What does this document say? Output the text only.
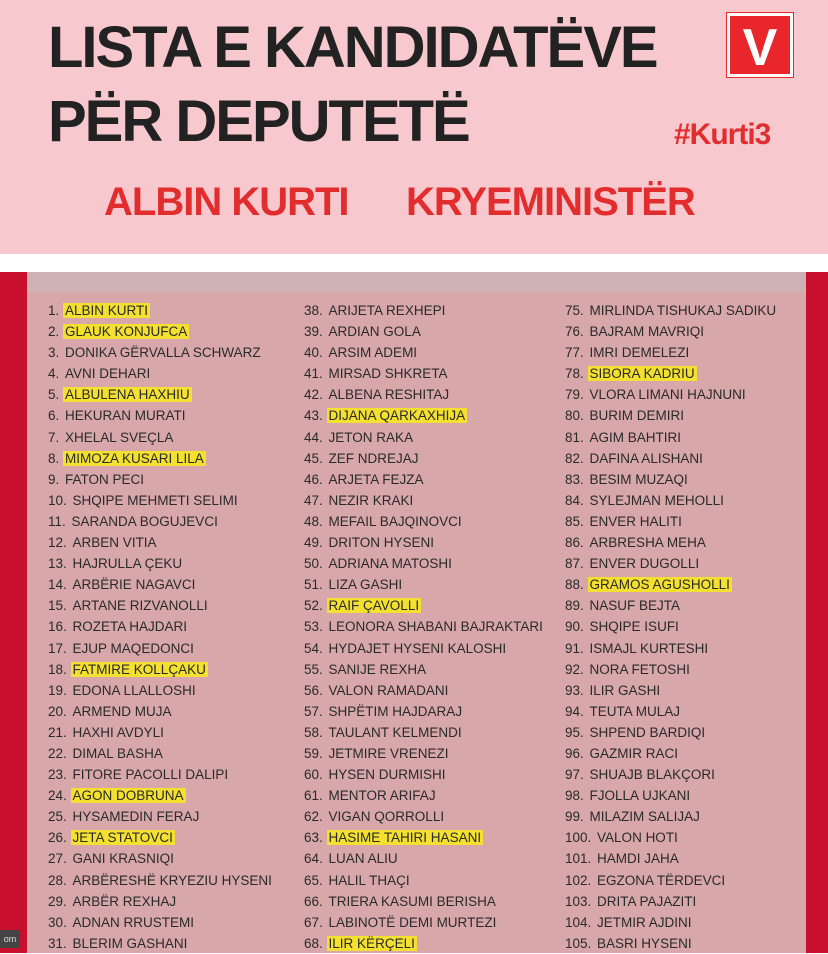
LISTA E KANDIDATËVE
PËR DEPUTETË
V
#Kurti3
ALBIN KURTI KRYEMINISTËR
1. ALBIN KURTI
2. GLAUK KONJUFCA
3. DONIKA GËRVALLA SCHWARZ
4. AVNI DEHARI
5. ALBULENA HAXHIU
6. HEKURAN MURATI
7. XHELAL SVEÇLA
8. MIMOZA KUSARI LILA
9. FATON PECI
10. SHQIPE MEHMETI SELIMI
11. SARANDA BOGUJEVCI
12. ARBEN VITIA
13. HAJRULLA ÇEKU
14. ARBËRIE NAGAVCI
15. ARTANE RIZVANOLLI
16. ROZETA HAJDARI
17. EJUP MAQEDONCI
18. FATMIRE KOLLÇAKU
19. EDONA LLALLOSHI
20. ARMEND MUJA
21. HAXHI AVDYLI
22. DIMAL BASHA
23. FITORE PACOLLI DALIPI
24. AGON DOBRUNA
25. HYSAMEDIN FERAJ
26. JETA STATOVCI
27. GANI KRASNIQI
28. ARBËRESHË KRYEZIU HYSENI
29. ARBËR REXHAJ
30. ADNAN RRUSTEMI
31. BLERIM GASHANI
38. ARIJETA REXHEPI
39. ARDIAN GOLA
40. ARSIM ADEMI
41. MIRSAD SHKRETA
42. ALBENA RESHITAJ
43. DIJANA QARKAXHIJA
44. JETON RAKA
45. ZEF NDREJAJ
46. ARJETA FEJZA
47. NEZIR KRAKI
48. MEFAIL BAJQINOVCI
49. DRITON HYSENI
50. ADRIANA MATOSHI
51. LIZA GASHI
52. RAIF ÇAVOLLI
53. LEONORA SHABANI BAJRAKTARI
54. HYDAJET HYSENI KALOSHI
55. SANIJE REXHA
56. VALON RAMADANI
57. SHPËTIM HAJDARAJ
58. TAULANT KELMENDI
59. JETMIRE VRENEZI
60. HYSEN DURMISHI
61. MENTOR ARIFAJ
62. VIGAN QORROLLI
63. HASIME TAHIRI HASANI
64. LUAN ALIU
65. HALIL THAÇI
66. TRIERA KASUMI BERISHA
67. LABINOTË DEMI MURTEZI
68. ILIR KËRÇELI
75. MIRLINDA TISHUKAJ SADIKU
76. BAJRAM MAVRIQI
77. IMRI DEMELEZI
78. SIBORA KADRIU
79. VLORA LIMANI HAJNUNI
80. BURIM DEMIRI
81. AGIM BAHTIRI
82. DAFINA ALISHANI
83. BESIM MUZAQI
84. SYLEJMAN MEHOLLI
85. ENVER HALITI
86. ARBRESHA MEHA
87. ENVER DUGOLLI
88. GRAMOS AGUSHOLLI
89. NASUF BEJTA
90. SHQIPE ISUFI
91. ISMAJL KURTESHI
92. NORA FETOSHI
93. ILIR GASHI
94. TEUTA MULAJ
95. SHPEND BARDIQI
96. GAZMIR RACI
97. SHUAJB BLAKÇORI
98. FJOLLA UJKANI
99. MILAZIM SALIJAJ
100. VALON HOTI
101. HAMDI JAHA
102. EGZONA TËRDEVCI
103. DRITA PAJAZITI
104. JETMIR AJDINI
105. BASRI HYSENI
om
